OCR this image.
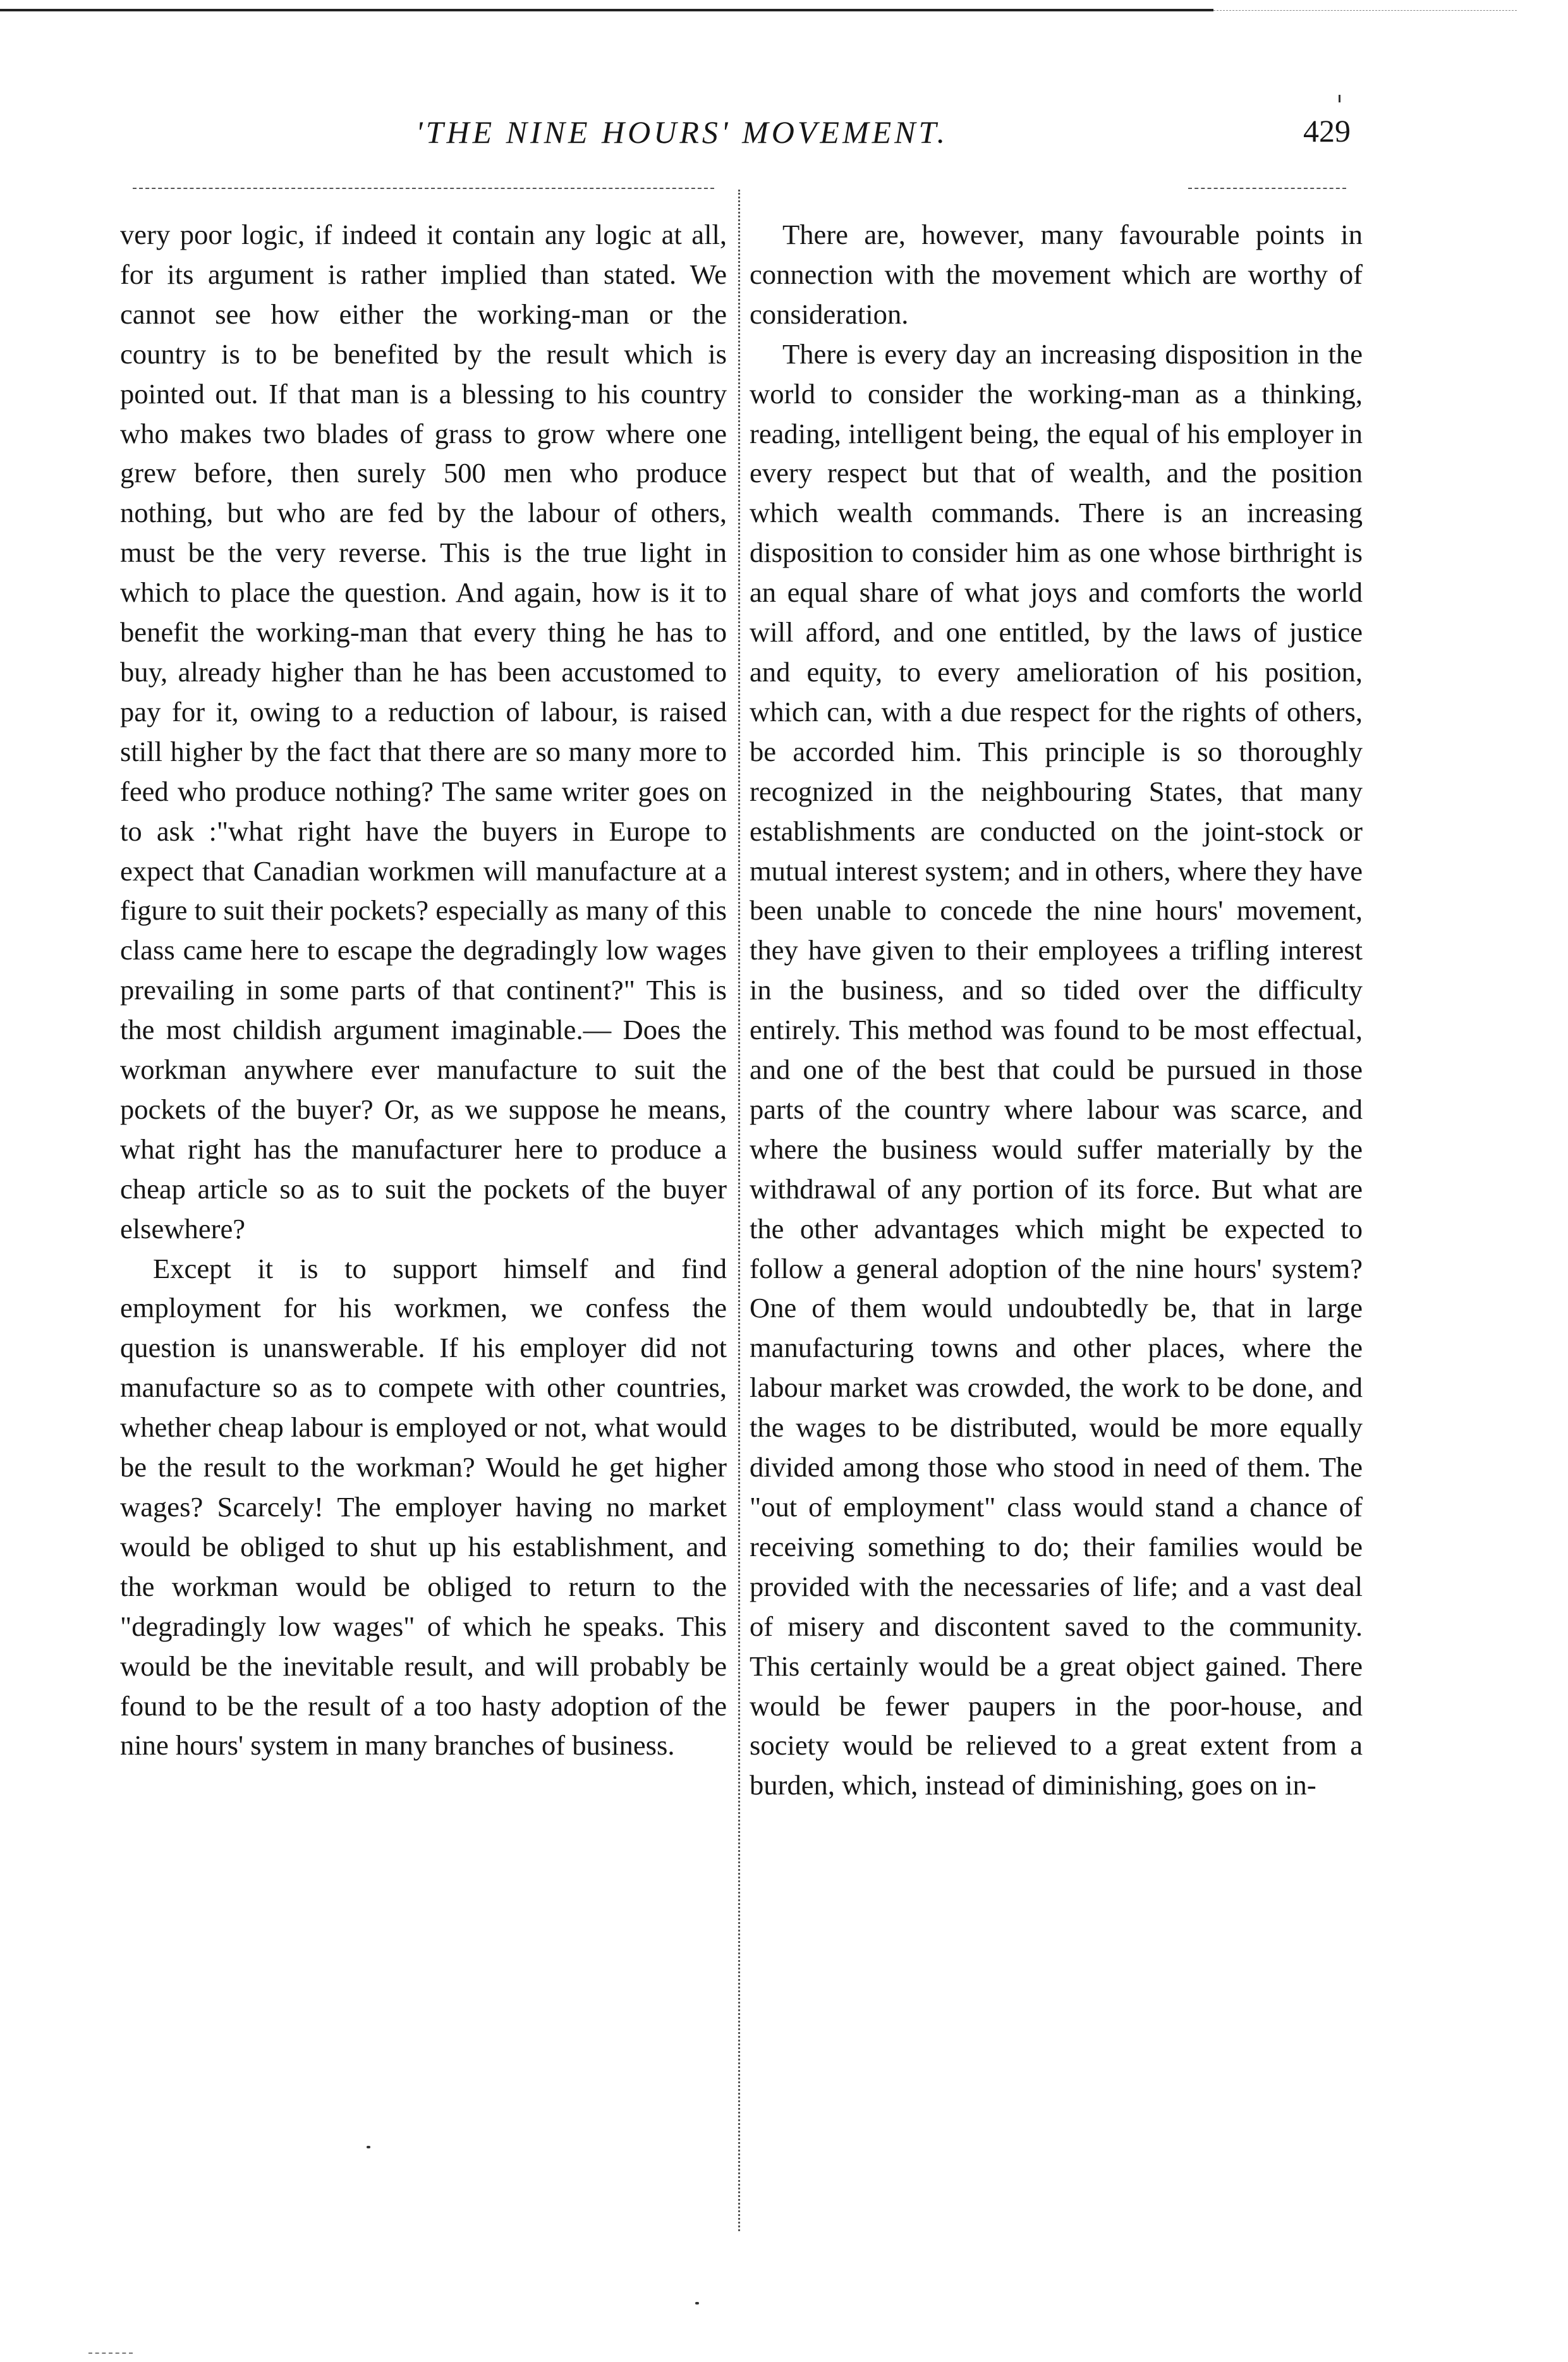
'THE NINE HOURS' MOVEMENT.	429

very poor logic, if indeed it contain any logic at all, for its argument is rather implied than stated. We cannot see how either the working-man or the country is to be benefited by the result which is pointed out. If that man is a blessing to his country who makes two blades of grass to grow where one grew before, then surely 500 men who produce nothing, but who are fed by the labour of others, must be the very reverse. This is the true light in which to place the question. And again, how is it to benefit the working-man that every thing he has to buy, already higher than he has been accustomed to pay for it, owing to a reduction of labour, is raised still higher by the fact that there are so many more to feed who produce nothing? The same writer goes on to ask :"what right have the buyers in Europe to expect that Canadian workmen will manufacture at a figure to suit their pockets? especially as many of this class came here to escape the degradingly low wages prevailing in some parts of that continent?" This is the most childish argument imaginable.— Does the workman anywhere ever manufacture to suit the pockets of the buyer? Or, as we suppose he means, what right has the manufacturer here to produce a cheap article so as to suit the pockets of the buyer elsewhere?

Except it is to support himself and find employment for his workmen, we confess the question is unanswerable. If his employer did not manufacture so as to compete with other countries, whether cheap labour is employed or not, what would be the result to the workman? Would he get higher wages? Scarcely! The employer having no market would be obliged to shut up his establishment, and the workman would be obliged to return to the "degradingly low wages" of which he speaks. This would be the inevitable result, and will probably be found to be the result of a too hasty adoption of the nine hours' system in many branches of business.

There are, however, many favourable points in connection with the movement which are worthy of consideration.

There is every day an increasing disposition in the world to consider the working-man as a thinking, reading, intelligent being, the equal of his employer in every respect but that of wealth, and the position which wealth commands. There is an increasing disposition to consider him as one whose birthright is an equal share of what joys and comforts the world will afford, and one entitled, by the laws of justice and equity, to every amelioration of his position, which can, with a due respect for the rights of others, be accorded him. This principle is so thoroughly recognized in the neighbouring States, that many establishments are conducted on the joint-stock or mutual interest system; and in others, where they have been unable to concede the nine hours' movement, they have given to their employees a trifling interest in the business, and so tided over the difficulty entirely. This method was found to be most effectual, and one of the best that could be pursued in those parts of the country where labour was scarce, and where the business would suffer materially by the withdrawal of any portion of its force. But what are the other advantages which might be expected to follow a general adoption of the nine hours' system? One of them would undoubtedly be, that in large manufacturing towns and other places, where the labour market was crowded, the work to be done, and the wages to be distributed, would be more equally divided among those who stood in need of them. The "out of employment" class would stand a chance of receiving something to do; their families would be provided with the necessaries of life; and a vast deal of misery and discontent saved to the community. This certainly would be a great object gained. There would be fewer paupers in the poor-house, and society would be relieved to a great extent from a burden, which, instead of diminishing, goes on in-
